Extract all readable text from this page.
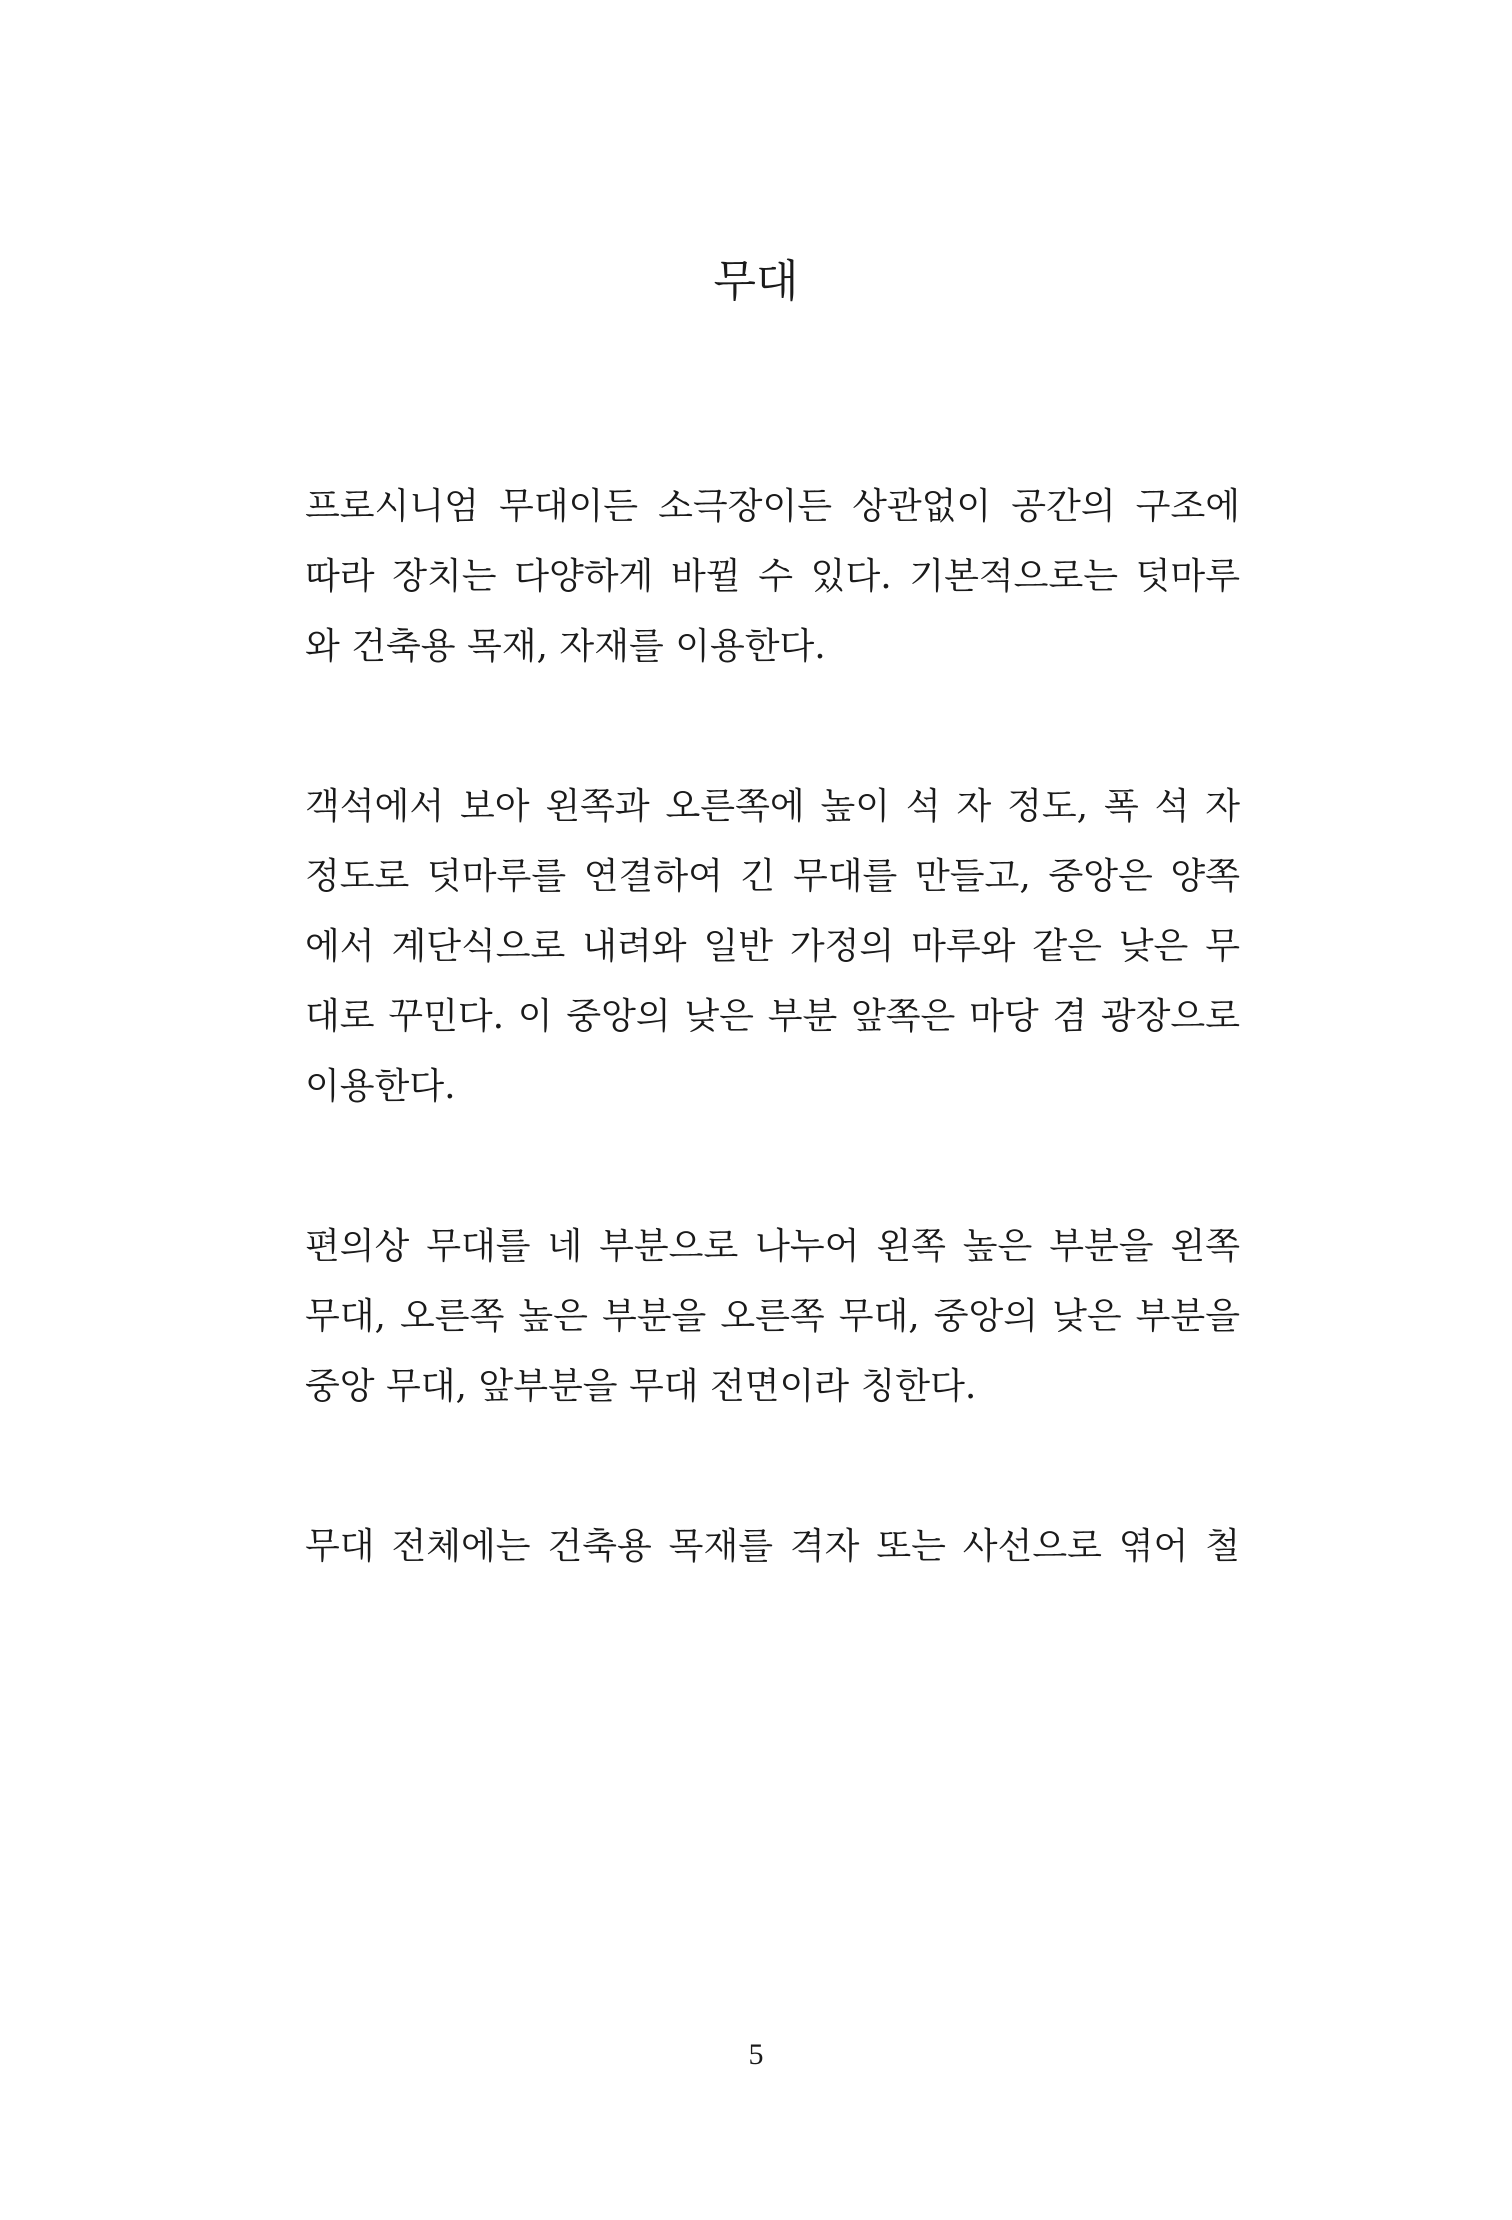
무대

프로시니엄 무대이든 소극장이든 상관없이 공간의 구조에
따라 장치는 다양하게 바뀔 수 있다. 기본적으로는 덧마루
와 건축용 목재, 자재를 이용한다.

객석에서 보아 왼쪽과 오른쪽에 높이 석 자 정도, 폭 석 자
정도로 덧마루를 연결하여 긴 무대를 만들고, 중앙은 양쪽
에서 계단식으로 내려와 일반 가정의 마루와 같은 낮은 무
대로 꾸민다. 이 중앙의 낮은 부분 앞쪽은 마당 겸 광장으로
이용한다.

편의상 무대를 네 부분으로 나누어 왼쪽 높은 부분을 왼쪽
무대, 오른쪽 높은 부분을 오른쪽 무대, 중앙의 낮은 부분을
중앙 무대, 앞부분을 무대 전면이라 칭한다.

무대 전체에는 건축용 목재를 격자 또는 사선으로 엮어 철

5
